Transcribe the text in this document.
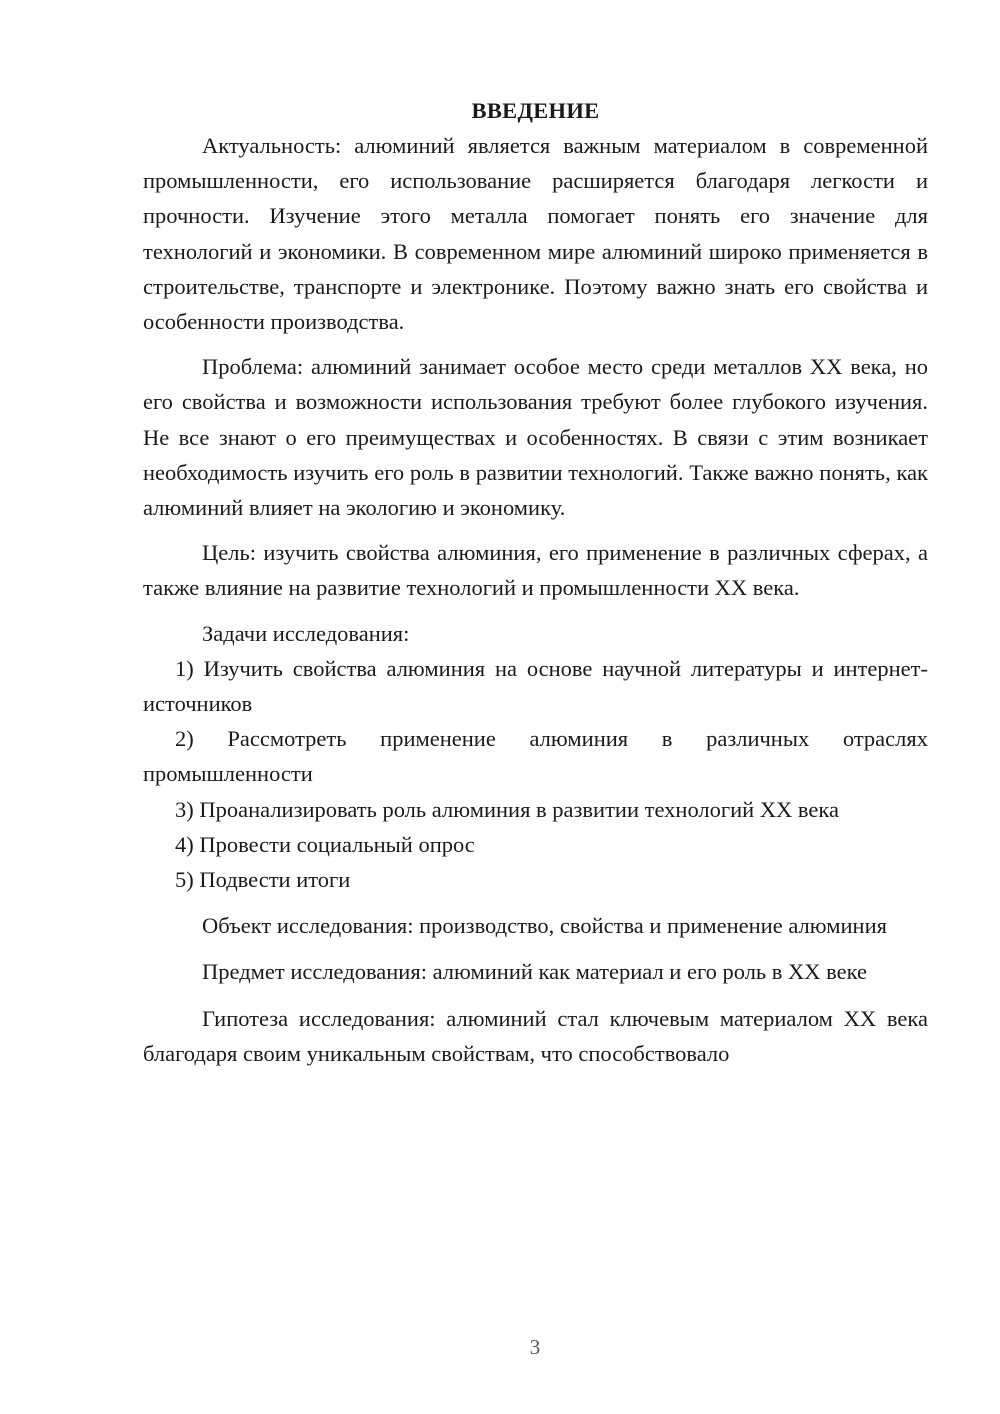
ВВЕДЕНИЕ

Актуальность: алюминий является важным материалом в современной промышленности, его использование расширяется благодаря легкости и прочности. Изучение этого металла помогает понять его значение для технологий и экономики. В современном мире алюминий широко применяется в строительстве, транспорте и электронике. Поэтому важно знать его свойства и особенности производства.

Проблема: алюминий занимает особое место среди металлов XX века, но его свойства и возможности использования требуют более глубокого изучения. Не все знают о его преимуществах и особенностях. В связи с этим возникает необходимость изучить его роль в развитии технологий. Также важно понять, как алюминий влияет на экологию и экономику.

Цель: изучить свойства алюминия, его применение в различных сферах, а также влияние на развитие технологий и промышленности XX века.

Задачи исследования:

1) Изучить свойства алюминия на основе научной литературы и интернет-источников

2) Рассмотреть применение алюминия в различных отраслях промышленности

3) Проанализировать роль алюминия в развитии технологий XX века

4) Провести социальный опрос

5) Подвести итоги

Объект исследования: производство, свойства и применение алюминия

Предмет исследования: алюминий как материал и его роль в XX веке

Гипотеза исследования: алюминий стал ключевым материалом XX века благодаря своим уникальным свойствам, что способствовало

3
